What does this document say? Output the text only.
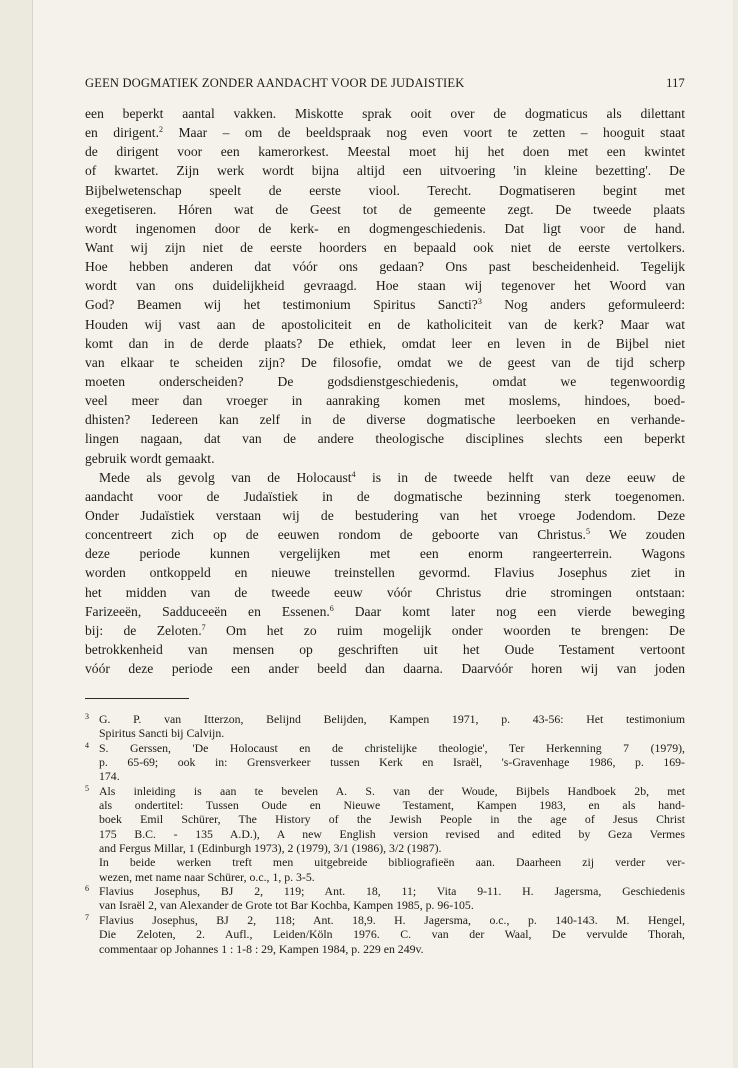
GEEN DOGMATIEK ZONDER AANDACHT VOOR DE JUDAISTIEK	117
een beperkt aantal vakken. Miskotte sprak ooit over de dogmaticus als dilettant
en dirigent.$^2$ Maar – om de beeldspraak nog even voort te zetten – hooguit staat
de dirigent voor een kamerorkest. Meestal moet hij het doen met een kwintet
of kwartet. Zijn werk wordt bijna altijd een uitvoering 'in kleine bezetting'. De
Bijbelwetenschap speelt de eerste viool. Terecht. Dogmatiseren begint met
exegetiseren. Hóren wat de Geest tot de gemeente zegt. De tweede plaats
wordt ingenomen door de kerk- en dogmengeschiedenis. Dat ligt voor de hand.
Want wij zijn niet de eerste hoorders en bepaald ook niet de eerste vertolkers.
Hoe hebben anderen dat vóór ons gedaan? Ons past bescheidenheid. Tegelijk
wordt van ons duidelijkheid gevraagd. Hoe staan wij tegenover het Woord van
God? Beamen wij het testimonium Spiritus Sancti?$^3$ Nog anders geformuleerd:
Houden wij vast aan de apostoliciteit en de katholiciteit van de kerk? Maar wat
komt dan in de derde plaats? De ethiek, omdat leer en leven in de Bijbel niet
van elkaar te scheiden zijn? De filosofie, omdat we de geest van de tijd scherp
moeten onderscheiden? De godsdienstgeschiedenis, omdat we tegenwoordig
veel meer dan vroeger in aanraking komen met moslems, hindoes, boed-
dhisten? Iedereen kan zelf in de diverse dogmatische leerboeken en verhande-
lingen nagaan, dat van de andere theologische disciplines slechts een beperkt
gebruik wordt gemaakt.
Mede als gevolg van de Holocaust$^4$ is in de tweede helft van deze eeuw de
aandacht voor de Judaïstiek in de dogmatische bezinning sterk toegenomen.
Onder Judaïstiek verstaan wij de bestudering van het vroege Jodendom. Deze
concentreert zich op de eeuwen rondom de geboorte van Christus.$^5$ We zouden
deze periode kunnen vergelijken met een enorm rangeerterrein. Wagons
worden ontkoppeld en nieuwe treinstellen gevormd. Flavius Josephus ziet in
het midden van de tweede eeuw vóór Christus drie stromingen ontstaan:
Farizeeën, Sadduceeën en Essenen.$^6$ Daar komt later nog een vierde beweging
bij: de Zeloten.$^7$ Om het zo ruim mogelijk onder woorden te brengen: De
betrokkenheid van mensen op geschriften uit het Oude Testament vertoont
vóór deze periode een ander beeld dan daarna. Daarvóór horen wij van joden
3 G. P. van Itterzon, Belijnd Belijden, Kampen 1971, p. 43-56: Het testimonium
Spiritus Sancti bij Calvijn.
4 S. Gerssen, 'De Holocaust en de christelijke theologie', Ter Herkenning 7 (1979),
p. 65-69; ook in: Grensverkeer tussen Kerk en Israël, 's-Gravenhage 1986, p. 169-
174.
5 Als inleiding is aan te bevelen A. S. van der Woude, Bijbels Handboek 2b, met
als ondertitel: Tussen Oude en Nieuwe Testament, Kampen 1983, en als hand-
boek Emil Schürer, The History of the Jewish People in the age of Jesus Christ
175 B.C. - 135 A.D.), A new English version revised and edited by Geza Vermes
and Fergus Millar, 1 (Edinburgh 1973), 2 (1979), 3/1 (1986), 3/2 (1987).
In beide werken treft men uitgebreide bibliografieën aan. Daarheen zij verder ver-
wezen, met name naar Schürer, o.c., 1, p. 3-5.
6 Flavius Josephus, BJ 2, 119; Ant. 18, 11; Vita 9-11. H. Jagersma, Geschiedenis
van Israël 2, van Alexander de Grote tot Bar Kochba, Kampen 1985, p. 96-105.
7 Flavius Josephus, BJ 2, 118; Ant. 18,9. H. Jagersma, o.c., p. 140-143. M. Hengel,
Die Zeloten, 2. Aufl., Leiden/Köln 1976. C. van der Waal, De vervulde Thorah,
commentaar op Johannes 1 : 1-8 : 29, Kampen 1984, p. 229 en 249v.
